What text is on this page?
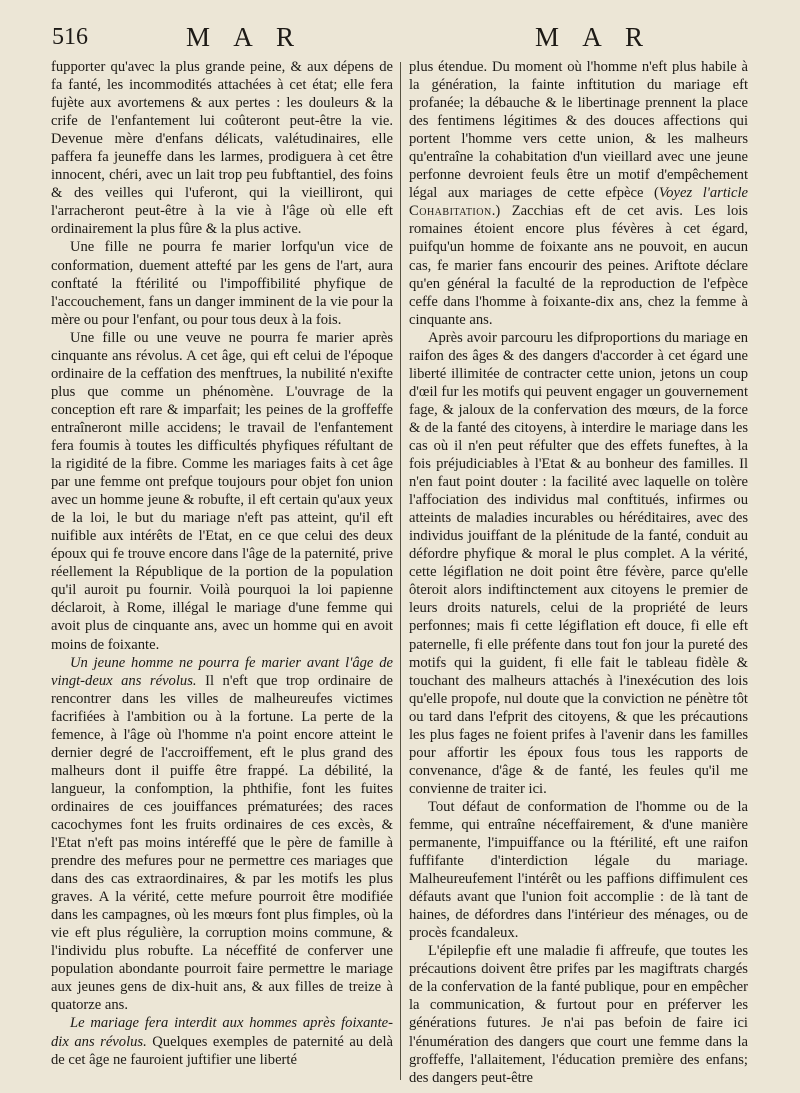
516	M A R	M A R

fupporter qu'avec la plus grande peine, & aux dépens de fa fanté, les incommodités attachées à cet état; elle fera fujète aux avortemens & aux pertes : les douleurs & la crife de l'enfantement lui coûteront peut-être la vie. Devenue mère d'enfans délicats, valétudinaires, elle paffera fa jeuneffe dans les larmes, prodiguera à cet être innocent, chéri, avec un lait trop peu fubftantiel, des foins & des veilles qui l'uferont, qui la vieilliront, qui l'arracheront peut-être à la vie à l'âge où elle eft ordinairement la plus fûre & la plus active.

Une fille ne pourra fe marier lorfqu'un vice de conformation, duement attefté par les gens de l'art, aura conftaté la ftérilité ou l'impoffibilité phyfique de l'accouchement, fans un danger imminent de la vie pour la mère ou pour l'enfant, ou pour tous deux à la fois.

Une fille ou une veuve ne pourra fe marier après cinquante ans révolus. A cet âge, qui eft celui de l'époque ordinaire de la ceffation des menftrues, la nubilité n'exifte plus que comme un phénomène. L'ouvrage de la conception eft rare & imparfait; les peines de la groffeffe entraîneront mille accidens; le travail de l'enfantement fera foumis à toutes les difficultés phyfiques réfultant de la rigidité de la fibre. Comme les mariages faits à cet âge par une femme ont prefque toujours pour objet fon union avec un homme jeune & robufte, il eft certain qu'aux yeux de la loi, le but du mariage n'eft pas atteint, qu'il eft nuifible aux intérêts de l'Etat, en ce que celui des deux époux qui fe trouve encore dans l'âge de la paternité, prive réellement la République de la portion de la population qu'il auroit pu fournir. Voilà pourquoi la loi papienne déclaroit, à Rome, illégal le mariage d'une femme qui avoit plus de cinquante ans, avec un homme qui en avoit moins de foixante.

Un jeune homme ne pourra fe marier avant l'âge de vingt-deux ans révolus. Il n'eft que trop ordinaire de rencontrer dans les villes de malheureufes victimes facrifiées à l'ambition ou à la fortune. La perte de la femence, à l'âge où l'homme n'a point encore atteint le dernier degré de l'accroiffement, eft le plus grand des malheurs dont il puiffe être frappé. La débilité, la langueur, la confomption, la phthifie, font les fuites ordinaires de ces jouiffances prématurées; des races cacochymes font les fruits ordinaires de ces excès, & l'Etat n'eft pas moins intéreffé que le père de famille à prendre des mefures pour ne permettre ces mariages que dans des cas extraordinaires, & par les motifs les plus graves. A la vérité, cette mefure pourroit être modifiée dans les campagnes, où les mœurs font plus fimples, où la vie eft plus régulière, la corruption moins commune, & l'individu plus robufte. La néceffité de conferver une population abondante pourroit faire permettre le mariage aux jeunes gens de dix-huit ans, & aux filles de treize à quatorze ans.

Le mariage fera interdit aux hommes après foixante-dix ans révolus. Quelques exemples de paternité au delà de cet âge ne fauroient juftifier une liberté

plus étendue. Du moment où l'homme n'eft plus habile à la génération, la fainte inftitution du mariage eft profanée; la débauche & le libertinage prennent la place des fentimens légitimes & des douces affections qui portent l'homme vers cette union, & les malheurs qu'entraîne la cohabitation d'un vieillard avec une jeune perfonne devroient feuls être un motif d'empêchement légal aux mariages de cette efpèce (Voyez l'article Cohabitation.) Zacchias eft de cet avis. Les lois romaines étoient encore plus févères à cet égard, puifqu'un homme de foixante ans ne pouvoit, en aucun cas, fe marier fans encourir des peines. Ariftote déclare qu'en général la faculté de la reproduction de l'efpèce ceffe dans l'homme à foixante-dix ans, chez la femme à cinquante ans.

Après avoir parcouru les difproportions du mariage en raifon des âges & des dangers d'accorder à cet égard une liberté illimitée de contracter cette union, jetons un coup d'œil fur les motifs qui peuvent engager un gouvernement fage, & jaloux de la confervation des mœurs, de la force & de la fanté des citoyens, à interdire le mariage dans les cas où il n'en peut réfulter que des effets funeftes, à la fois préjudiciables à l'Etat & au bonheur des familles. Il n'en faut point douter : la facilité avec laquelle on tolère l'affociation des individus mal conftitués, infirmes ou atteints de maladies incurables ou héréditaires, avec des individus jouiffant de la plénitude de la fanté, conduit au défordre phyfique & moral le plus complet. A la vérité, cette légiflation ne doit point être févère, parce qu'elle ôteroit alors indiftinctement aux citoyens le premier de leurs droits naturels, celui de la propriété de leurs perfonnes; mais fi cette légiflation eft douce, fi elle eft paternelle, fi elle préfente dans tout fon jour la pureté des motifs qui la guident, fi elle fait le tableau fidèle & touchant des malheurs attachés à l'inexécution des lois qu'elle propofe, nul doute que la conviction ne pénètre tôt ou tard dans l'efprit des citoyens, & que les précautions les plus fages ne foient prifes à l'avenir dans les familles pour affortir les époux fous tous les rapports de convenance, d'âge & de fanté, les feules qu'il me convienne de traiter ici.

Tout défaut de conformation de l'homme ou de la femme, qui entraîne néceffairement, & d'une manière permanente, l'impuiffance ou la ftérilité, eft une raifon fuffifante d'interdiction légale du mariage. Malheureufement l'intérêt ou les paffions diffimulent ces défauts avant que l'union foit accomplie : de là tant de haines, de défordres dans l'intérieur des ménages, ou de procès fcandaleux.

L'épilepfie eft une maladie fi affreufe, que toutes les précautions doivent être prifes par les magiftrats chargés de la confervation de la fanté publique, pour en empêcher la communication, & furtout pour en préferver les générations futures. Je n'ai pas befoin de faire ici l'énumération des dangers que court une femme dans la groffeffe, l'allaitement, l'éducation première des enfans; des dangers peut-être
